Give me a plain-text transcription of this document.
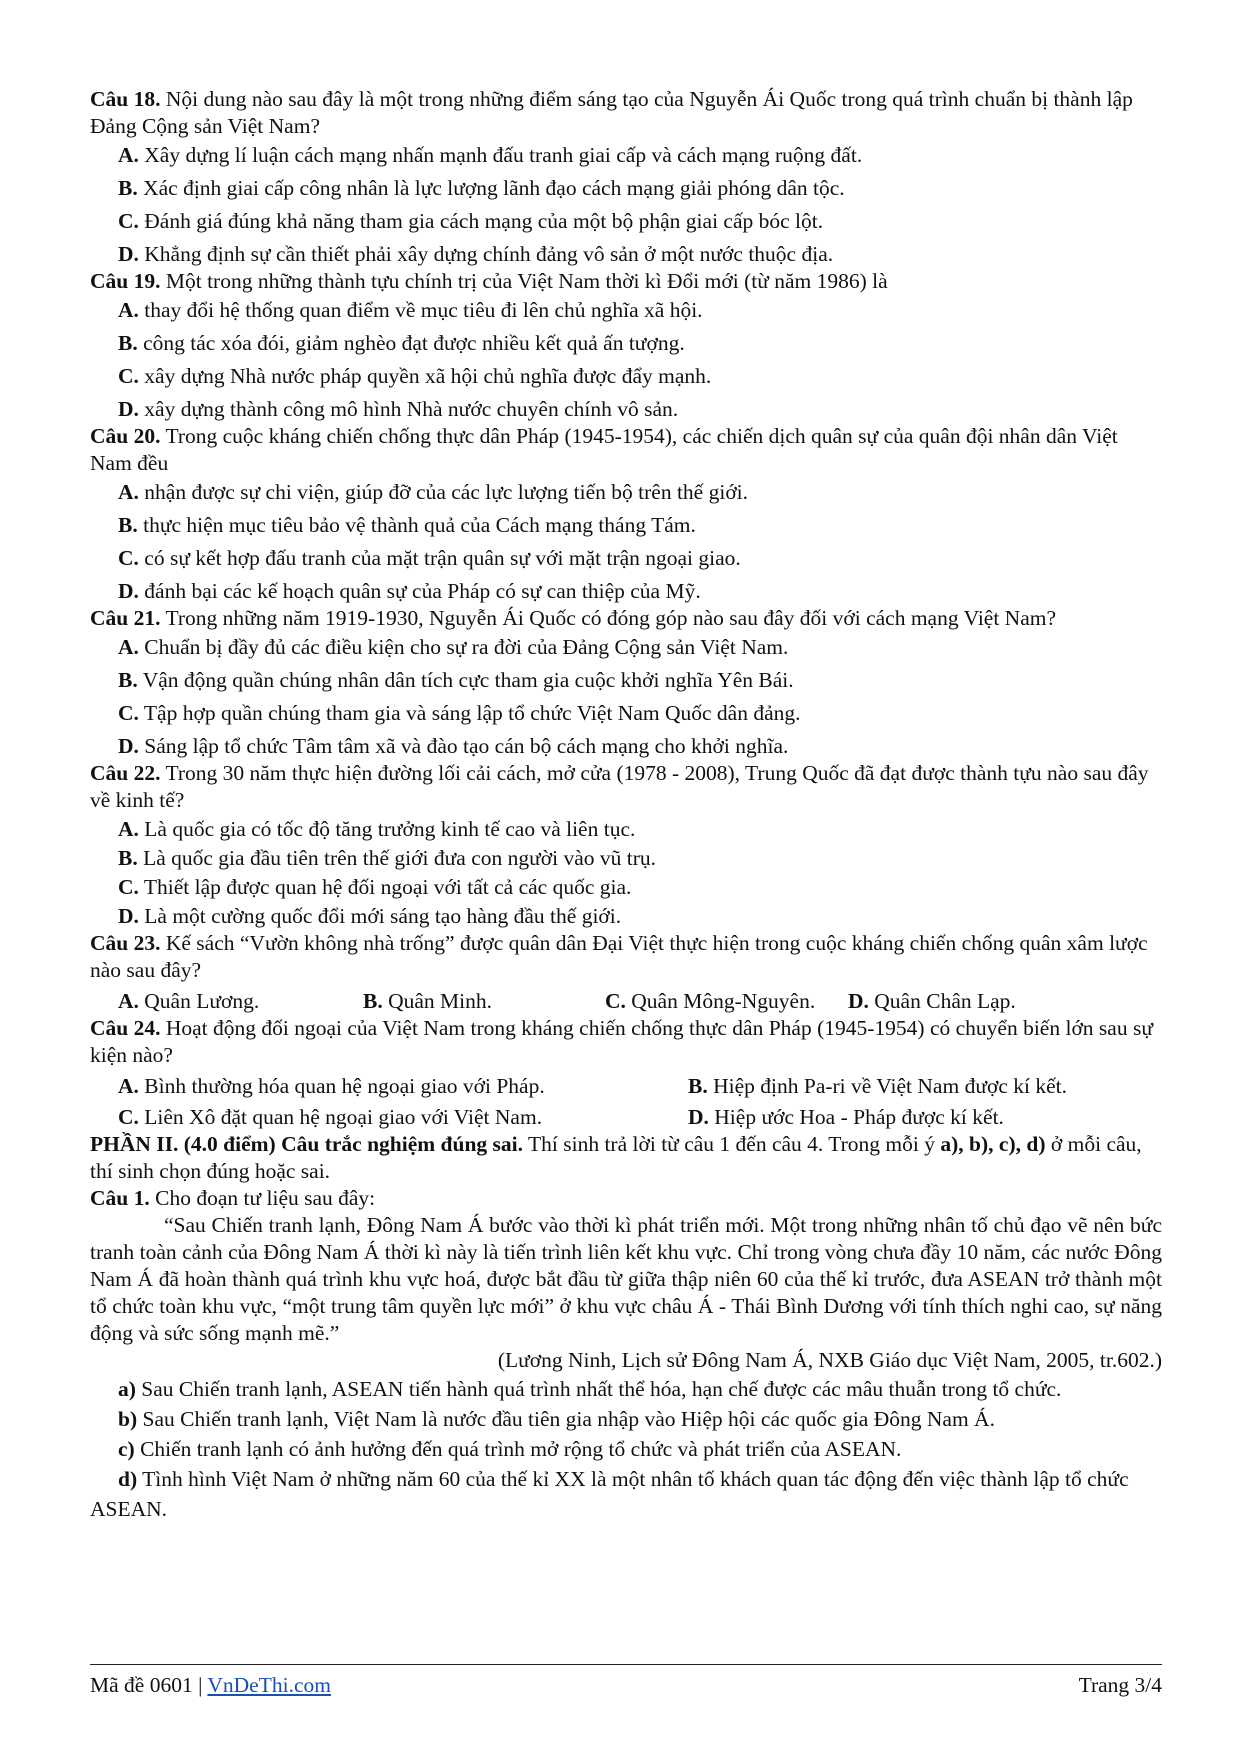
Câu 18. Nội dung nào sau đây là một trong những điểm sáng tạo của Nguyễn Ái Quốc trong quá trình chuẩn bị thành lập Đảng Cộng sản Việt Nam?
A. Xây dựng lí luận cách mạng nhấn mạnh đấu tranh giai cấp và cách mạng ruộng đất.
B. Xác định giai cấp công nhân là lực lượng lãnh đạo cách mạng giải phóng dân tộc.
C. Đánh giá đúng khả năng tham gia cách mạng của một bộ phận giai cấp bóc lột.
D. Khẳng định sự cần thiết phải xây dựng chính đảng vô sản ở một nước thuộc địa.
Câu 19. Một trong những thành tựu chính trị của Việt Nam thời kì Đổi mới (từ năm 1986) là
A. thay đổi hệ thống quan điểm về mục tiêu đi lên chủ nghĩa xã hội.
B. công tác xóa đói, giảm nghèo đạt được nhiều kết quả ấn tượng.
C. xây dựng Nhà nước pháp quyền xã hội chủ nghĩa được đẩy mạnh.
D. xây dựng thành công mô hình Nhà nước chuyên chính vô sản.
Câu 20. Trong cuộc kháng chiến chống thực dân Pháp (1945-1954), các chiến dịch quân sự của quân đội nhân dân Việt Nam đều
A. nhận được sự chi viện, giúp đỡ của các lực lượng tiến bộ trên thế giới.
B. thực hiện mục tiêu bảo vệ thành quả của Cách mạng tháng Tám.
C. có sự kết hợp đấu tranh của mặt trận quân sự với mặt trận ngoại giao.
D. đánh bại các kế hoạch quân sự của Pháp có sự can thiệp của Mỹ.
Câu 21. Trong những năm 1919-1930, Nguyễn Ái Quốc có đóng góp nào sau đây đối với cách mạng Việt Nam?
A. Chuẩn bị đầy đủ các điều kiện cho sự ra đời của Đảng Cộng sản Việt Nam.
B. Vận động quần chúng nhân dân tích cực tham gia cuộc khởi nghĩa Yên Bái.
C. Tập hợp quần chúng tham gia và sáng lập tổ chức Việt Nam Quốc dân đảng.
D. Sáng lập tổ chức Tâm tâm xã và đào tạo cán bộ cách mạng cho khởi nghĩa.
Câu 22. Trong 30 năm thực hiện đường lối cải cách, mở cửa (1978 - 2008), Trung Quốc đã đạt được thành tựu nào sau đây về kinh tế?
A. Là quốc gia có tốc độ tăng trưởng kinh tế cao và liên tục.
B. Là quốc gia đầu tiên trên thế giới đưa con người vào vũ trụ.
C. Thiết lập được quan hệ đối ngoại với tất cả các quốc gia.
D. Là một cường quốc đổi mới sáng tạo hàng đầu thế giới.
Câu 23. Kế sách “Vườn không nhà trống” được quân dân Đại Việt thực hiện trong cuộc kháng chiến chống quân xâm lược nào sau đây?
A. Quân Lương.	B. Quân Minh.	C. Quân Mông-Nguyên.	D. Quân Chân Lạp.
Câu 24. Hoạt động đối ngoại của Việt Nam trong kháng chiến chống thực dân Pháp (1945-1954) có chuyển biến lớn sau sự kiện nào?
A. Bình thường hóa quan hệ ngoại giao với Pháp.	B. Hiệp định Pa-ri về Việt Nam được kí kết.
C. Liên Xô đặt quan hệ ngoại giao với Việt Nam.	D. Hiệp ước Hoa - Pháp được kí kết.
PHẦN II. (4.0 điểm) Câu trắc nghiệm đúng sai. Thí sinh trả lời từ câu 1 đến câu 4. Trong mỗi ý a), b), c), d) ở mỗi câu, thí sinh chọn đúng hoặc sai.
Câu 1. Cho đoạn tư liệu sau đây:
“Sau Chiến tranh lạnh, Đông Nam Á bước vào thời kì phát triển mới. Một trong những nhân tố chủ đạo vẽ nên bức tranh toàn cảnh của Đông Nam Á thời kì này là tiến trình liên kết khu vực. Chỉ trong vòng chưa đầy 10 năm, các nước Đông Nam Á đã hoàn thành quá trình khu vực hoá, được bắt đầu từ giữa thập niên 60 của thế kỉ trước, đưa ASEAN trở thành một tổ chức toàn khu vực, “một trung tâm quyền lực mới” ở khu vực châu Á - Thái Bình Dương với tính thích nghi cao, sự năng động và sức sống mạnh mẽ.”
(Lương Ninh, Lịch sử Đông Nam Á, NXB Giáo dục Việt Nam, 2005, tr.602.)
a) Sau Chiến tranh lạnh, ASEAN tiến hành quá trình nhất thể hóa, hạn chế được các mâu thuẫn trong tổ chức.
b) Sau Chiến tranh lạnh, Việt Nam là nước đầu tiên gia nhập vào Hiệp hội các quốc gia Đông Nam Á.
c) Chiến tranh lạnh có ảnh hưởng đến quá trình mở rộng tổ chức và phát triển của ASEAN.
d) Tình hình Việt Nam ở những năm 60 của thế kỉ XX là một nhân tố khách quan tác động đến việc thành lập tổ chức ASEAN.
Mã đề 0601 | VnDeThi.com	Trang 3/4
